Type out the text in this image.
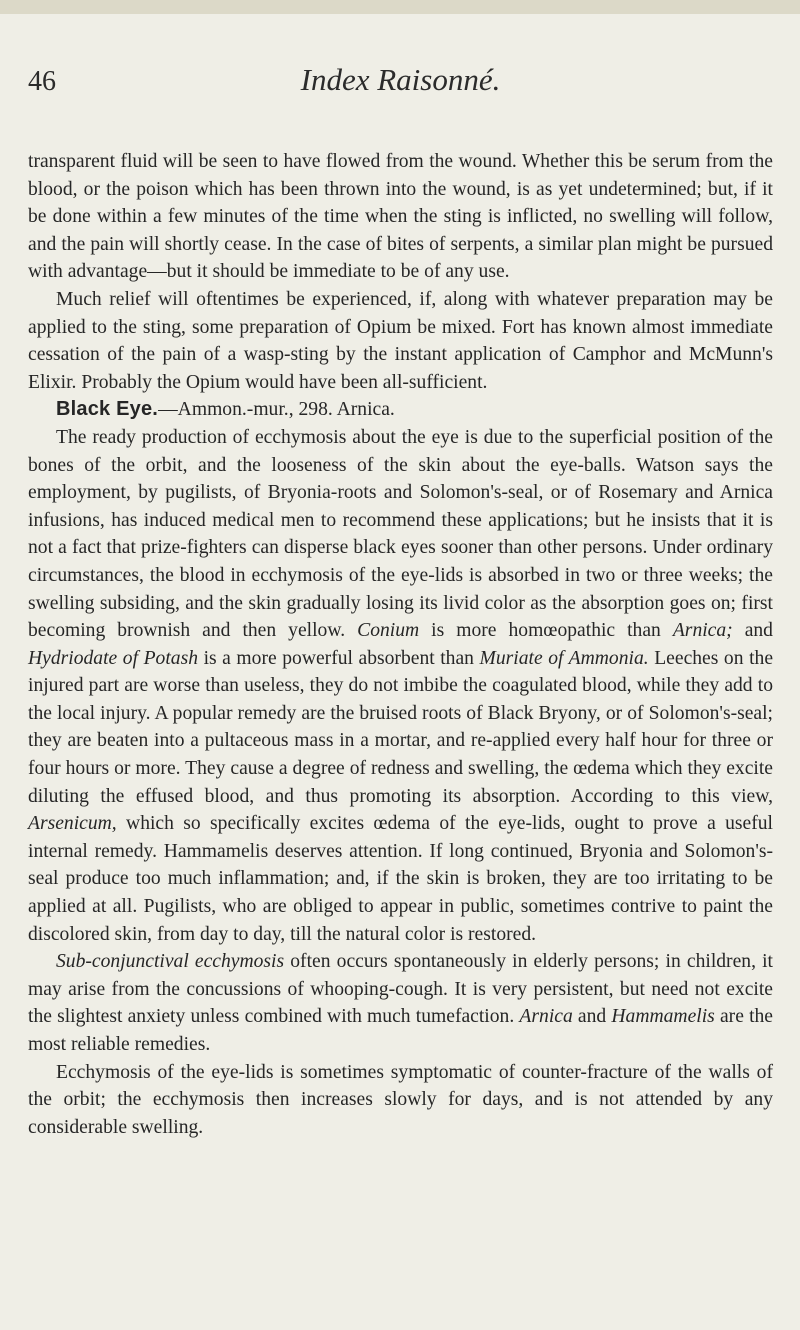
46	Index Raisonné.

transparent fluid will be seen to have flowed from the wound. Whether this be serum from the blood, or the poison which has been thrown into the wound, is as yet undetermined; but, if it be done within a few minutes of the time when the sting is inflicted, no swelling will follow, and the pain will shortly cease. In the case of bites of serpents, a similar plan might be pursued with advantage—but it should be immediate to be of any use.

Much relief will oftentimes be experienced, if, along with whatever preparation may be applied to the sting, some preparation of Opium be mixed. Fort has known almost immediate cessation of the pain of a wasp-sting by the instant application of Camphor and McMunn's Elixir. Probably the Opium would have been all-sufficient.

Black Eye.—Ammon.-mur., 298. Arnica.

The ready production of ecchymosis about the eye is due to the superficial position of the bones of the orbit, and the looseness of the skin about the eye-balls. Watson says the employment, by pugilists, of Bryonia-roots and Solomon's-seal, or of Rosemary and Arnica infusions, has induced medical men to recommend these applications; but he insists that it is not a fact that prize-fighters can disperse black eyes sooner than other persons. Under ordinary circumstances, the blood in ecchymosis of the eye-lids is absorbed in two or three weeks; the swelling subsiding, and the skin gradually losing its livid color as the absorption goes on; first becoming brownish and then yellow. Conium is more homœopathic than Arnica; and Hydriodate of Potash is a more powerful absorbent than Muriate of Ammonia. Leeches on the injured part are worse than useless, they do not imbibe the coagulated blood, while they add to the local injury. A popular remedy are the bruised roots of Black Bryony, or of Solomon's-seal; they are beaten into a pultaceous mass in a mortar, and re-applied every half hour for three or four hours or more. They cause a degree of redness and swelling, the œdema which they excite diluting the effused blood, and thus promoting its absorption. According to this view, Arsenicum, which so specifically excites œdema of the eye-lids, ought to prove a useful internal remedy. Hammamelis deserves attention. If long continued, Bryonia and Solomon's-seal produce too much inflammation; and, if the skin is broken, they are too irritating to be applied at all. Pugilists, who are obliged to appear in public, sometimes contrive to paint the discolored skin, from day to day, till the natural color is restored.

Sub-conjunctival ecchymosis often occurs spontaneously in elderly persons; in children, it may arise from the concussions of whooping-cough. It is very persistent, but need not excite the slightest anxiety unless combined with much tumefaction. Arnica and Hammamelis are the most reliable remedies.

Ecchymosis of the eye-lids is sometimes symptomatic of counter-fracture of the walls of the orbit; the ecchymosis then increases slowly for days, and is not attended by any considerable swelling.
